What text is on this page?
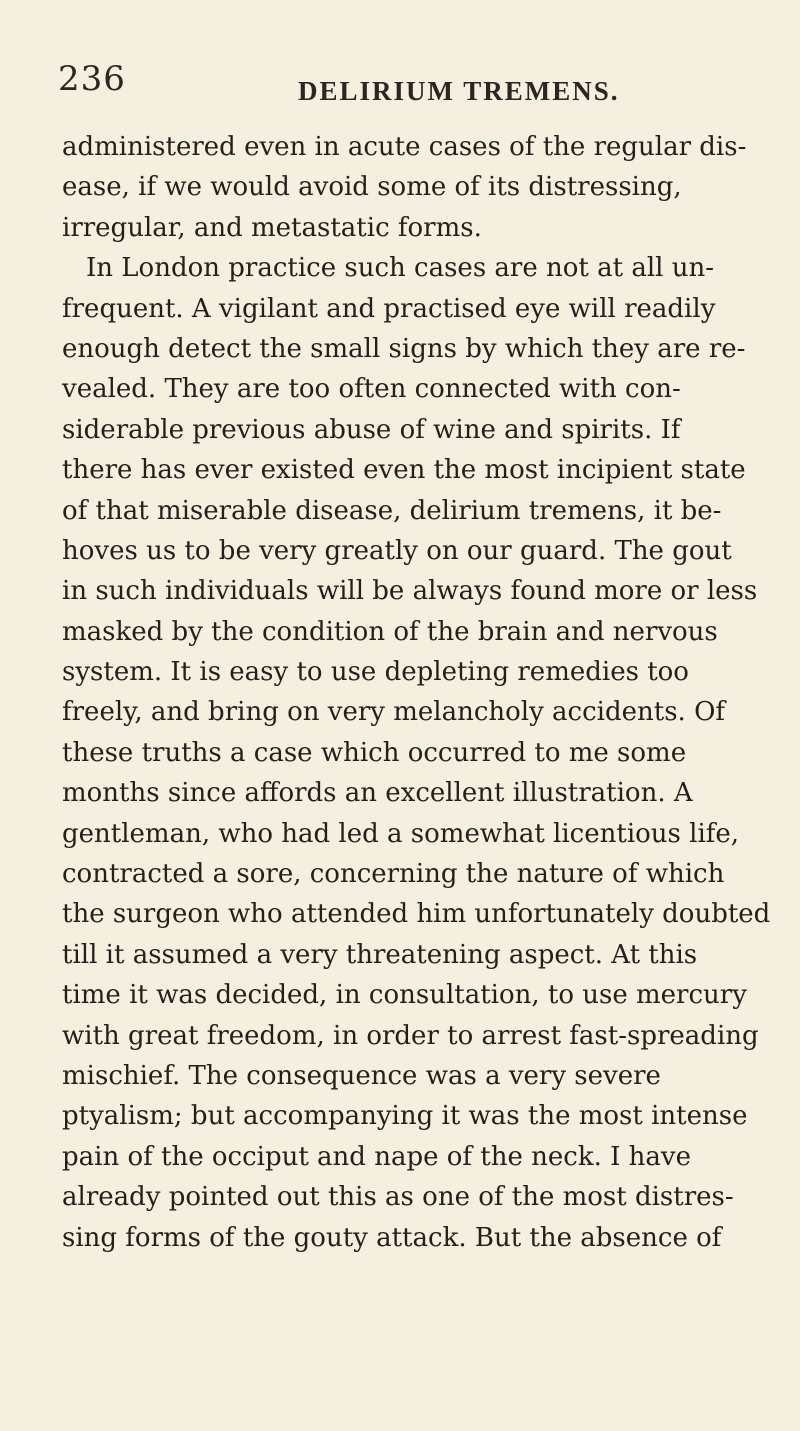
236	DELIRIUM TREMENS.
administered even in acute cases of the regular dis-
ease, if we would avoid some of its distressing,
irregular, and metastatic forms.
In London practice such cases are not at all un-
frequent. A vigilant and practised eye will readily
enough detect the small signs by which they are re-
vealed. They are too often connected with con-
siderable previous abuse of wine and spirits. If
there has ever existed even the most incipient state
of that miserable disease, delirium tremens, it be-
hoves us to be very greatly on our guard. The gout
in such individuals will be always found more or less
masked by the condition of the brain and nervous
system. It is easy to use depleting remedies too
freely, and bring on very melancholy accidents. Of
these truths a case which occurred to me some
months since affords an excellent illustration. A
gentleman, who had led a somewhat licentious life,
contracted a sore, concerning the nature of which
the surgeon who attended him unfortunately doubted
till it assumed a very threatening aspect. At this
time it was decided, in consultation, to use mercury
with great freedom, in order to arrest fast-spreading
mischief. The consequence was a very severe
ptyalism; but accompanying it was the most intense
pain of the occiput and nape of the neck. I have
already pointed out this as one of the most distres-
sing forms of the gouty attack. But the absence of
